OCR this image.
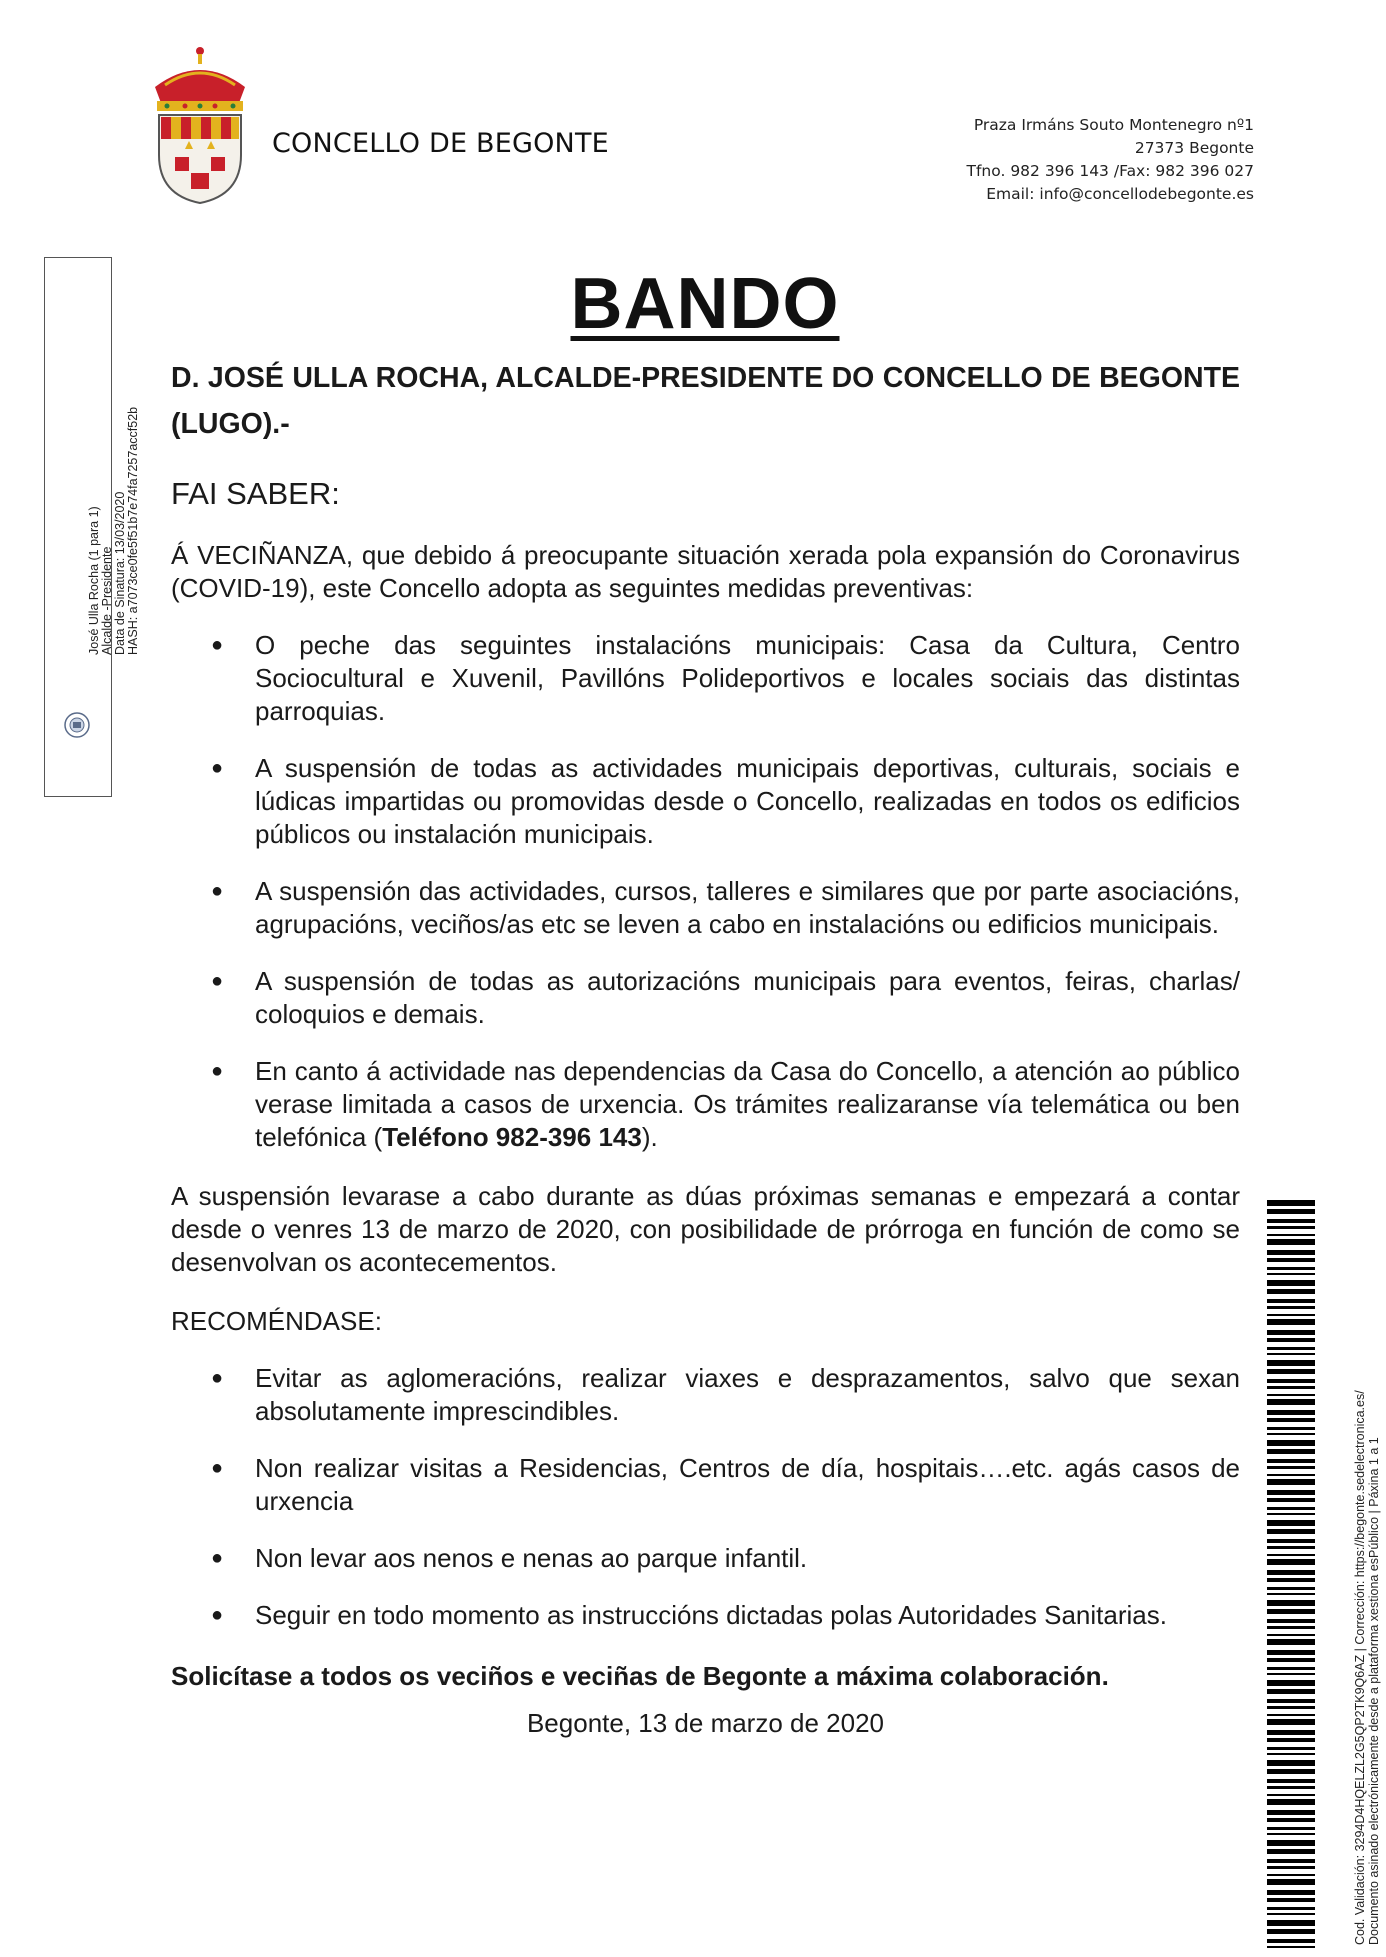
CONCELLO DE BEGONTE
Praza Irmáns Souto Montenegro nº1
27373 Begonte
Tfno. 982 396 143 /Fax: 982 396 027
Email: info@concellodebegonte.es
José Ulla Rocha (1 para 1) Alcalde -Presidente Data de Sinatura: 13/03/2020 HASH: a7073ce0fe5f51b7e74fa7257accf52b
BANDO

D. JOSÉ ULLA ROCHA, ALCALDE-PRESIDENTE DO CONCELLO DE BEGONTE (LUGO).-

FAI SABER:

Á VECIÑANZA, que debido á preocupante situación xerada pola expansión do Coronavirus (COVID-19), este Concello adopta as seguintes medidas preventivas:

● O peche das seguintes instalacións municipais: Casa da Cultura, Centro Sociocultural e Xuvenil, Pavillóns Polideportivos e locales sociais das distintas parroquias.
● A suspensión de todas as actividades municipais deportivas, culturais, sociais e lúdicas impartidas ou promovidas desde o Concello, realizadas en todos os edificios públicos ou instalación municipais.
● A suspensión das actividades, cursos, talleres e similares que por parte asociacións, agrupacións, veciños/as etc se leven a cabo en instalacións ou edificios municipais.
● A suspensión de todas as autorizacións municipais para eventos, feiras, charlas/ coloquios e demais.
● En canto á actividade nas dependencias da Casa do Concello, a atención ao público verase limitada a casos de urxencia. Os trámites realizaranse vía telemática ou ben telefónica (Teléfono 982-396 143).

A suspensión levarase a cabo durante as dúas próximas semanas e empezará a contar desde o venres 13 de marzo de 2020, con posibilidade de prórroga en función de como se desenvolvan os acontecementos.

RECOMÉNDASE:

● Evitar as aglomeracións, realizar viaxes e desprazamentos, salvo que sexan absolutamente imprescindibles.
● Non realizar visitas a Residencias, Centros de día, hospitais….etc. agás casos de urxencia
● Non levar aos nenos e nenas ao parque infantil.
● Seguir en todo momento as instruccións dictadas polas Autoridades Sanitarias.

Solicítase a todos os veciños e veciñas de Begonte a máxima colaboración.

Begonte, 13 de marzo de 2020	Cod. Validación: 3294D4HQELZL2G5QP2TK9Q6AZ | Corrección: https://begonte.sedelectronica.es/ Documento asinado electrónicamente desde a plataforma xestiona esPúblico | Páxina 1 a 1
